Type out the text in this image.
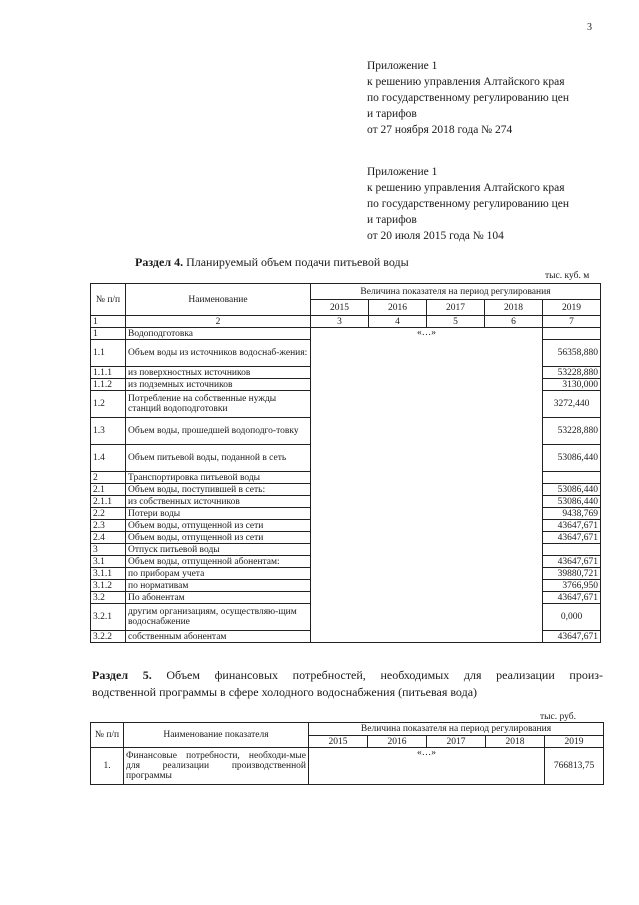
3
Приложение 1
к решению управления Алтайского края
по государственному регулированию цен
и тарифов
от 27 ноября 2018 года № 274
Приложение 1
к решению управления Алтайского края
по государственному регулированию цен
и тарифов
от 20 июля 2015 года № 104
Раздел 4. Планируемый объем подачи питьевой воды
тыс. куб. м
№ п/п	Наименование	Величина показателя на период регулирования				
		2015	2016	2017	2018	2019
1	2	3	4	5	6	7
1	Водоподготовка	«…»				
1.1	Объем воды из источников водоснаб-жения:					56358,880
1.1.1	из поверхностных источников					53228,880
1.1.2	из подземных источников					3130,000
1.2	Потребление на собственные нужды станций водоподготовки					3272,440
1.3	Объем воды, прошедшей водоподго-товку					53228,880
1.4	Объем питьевой воды, поданной в сеть					53086,440
2	Транспортировка питьевой воды					
2.1	Объем воды, поступившей в сеть:					53086,440
2.1.1	из собственных источников					53086,440
2.2	Потери воды					9438,769
2.3	Объем воды, отпущенной из сети					43647,671
2.4	Объем воды, отпущенной из сети					43647,671
3	Отпуск питьевой воды					
3.1	Объем воды, отпущенной абонентам:					43647,671
3.1.1	по приборам учета					39880,721
3.1.2	по нормативам					3766,950
3.2	По абонентам					43647,671
3.2.1	другим организациям, осуществляю-щим водоснабжение					0,000
3.2.2	собственным абонентам					43647,671
Раздел 5. Объем финансовых потребностей, необходимых для реализации произ-
водственной программы в сфере холодного водоснабжения (питьевая вода)
тыс. руб.
№ п/п	Наименование показателя	Величина показателя на период регулирования				
		2015	2016	2017	2018	2019
1.	Финансовые потребности, необходи-мые для реализации производственной программы	«…»				766813,75
